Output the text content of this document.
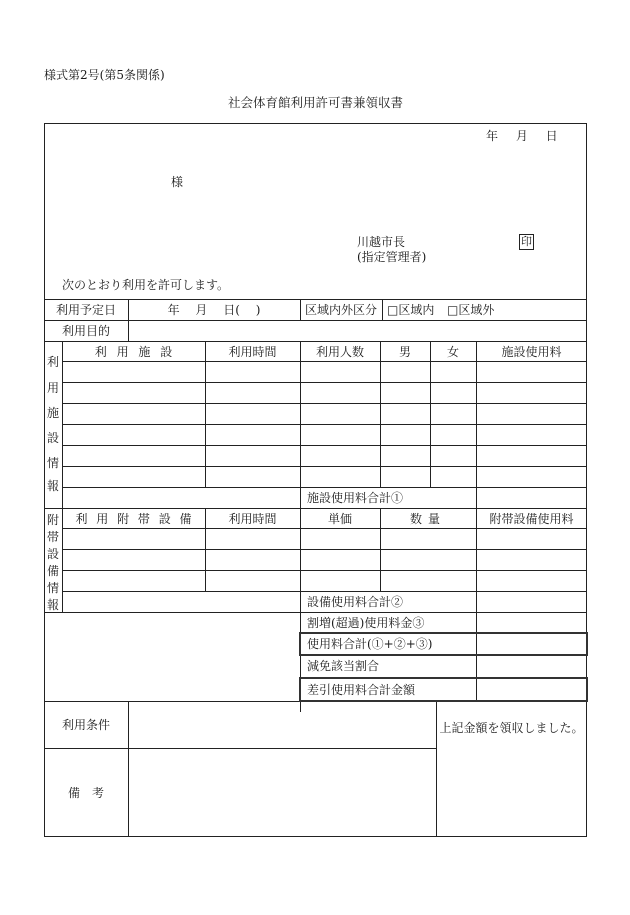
様式第2号(第5条関係)
社会体育館利用許可書兼領収書
年 月 日
様
川越市長
(指定管理者)
印
次のとおり利用を許可します。
利用予定日	年 月 日( )	区域内外区分 □区域内 □区域外
利用目的
利
用
施
設
情
報
利 用 施 設	利用時間	利用人数	男	女	施設使用料
施設使用料合計①
附
帯
設
備
情
報
利 用 附 帯 設 備	利用時間	単価	数量	附帯設備使用料
設備使用料合計②
割増(超過)使用料金③
使用料合計(①+②+③)
減免該当割合
差引使用料合計金額
利用条件
備　考
上記金額を領収しました。
